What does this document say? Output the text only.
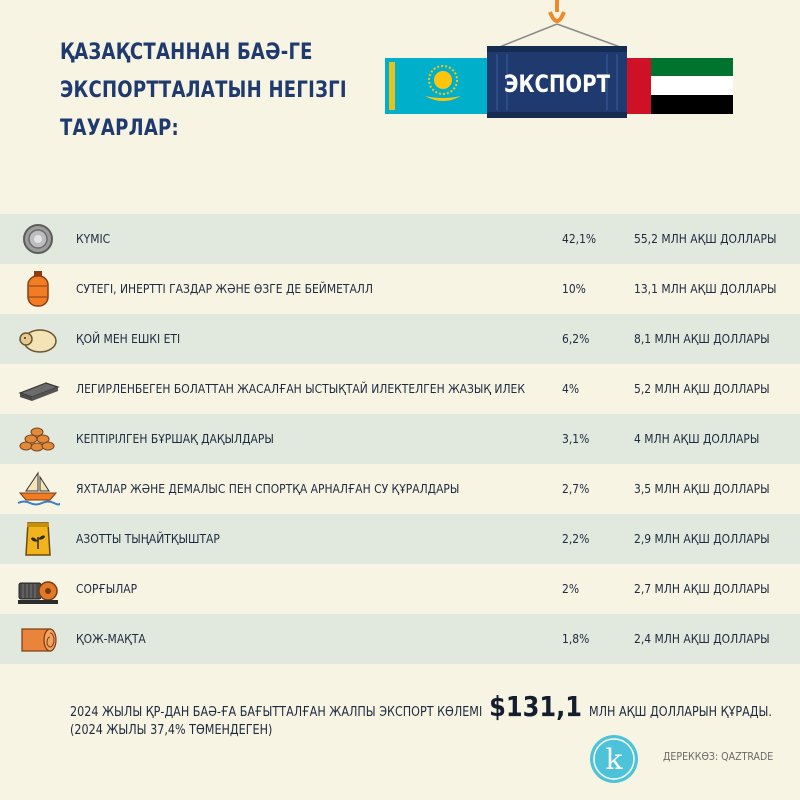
ҚАЗАҚСТАННАН БАӘ-ГЕ
ЭКСПОРТТАЛАТЫН НЕГІЗГІ
ТАУАРЛАР:
ЭКСПОРТ
КҮМІС	42,1%	55,2 МЛН АҚШ ДОЛЛАРЫ
СУТЕГІ, ИНЕРТТІ ГАЗДАР ЖӘНЕ ӨЗГЕ ДЕ БЕЙМЕТАЛЛ	10%	13,1 МЛН АҚШ ДОЛЛАРЫ
ҚОЙ МЕН ЕШКІ ЕТІ	6,2%	8,1 МЛН АҚШ ДОЛЛАРЫ
ЛЕГИРЛЕНБЕГЕН БОЛАТТАН ЖАСАЛҒАН ЫСТЫҚТАЙ ИЛЕКТЕЛГЕН ЖАЗЫҚ ИЛЕК	4%	5,2 МЛН АҚШ ДОЛЛАРЫ
КЕПТІРІЛГЕН БҰРШАҚ ДАҚЫЛДАРЫ	3,1%	4 МЛН АҚШ ДОЛЛАРЫ
ЯХТАЛАР ЖӘНЕ ДЕМАЛЫС ПЕН СПОРТҚА АРНАЛҒАН СУ ҚҰРАЛДАРЫ	2,7%	3,5 МЛН АҚШ ДОЛЛАРЫ
АЗОТТЫ ТЫҢАЙТҚЫШТАР	2,2%	2,9 МЛН АҚШ ДОЛЛАРЫ
СОРҒЫЛАР	2%	2,7 МЛН АҚШ ДОЛЛАРЫ
ҚОЖ-МАҚТА	1,8%	2,4 МЛН АҚШ ДОЛЛАРЫ
2024 ЖЫЛЫ ҚР-ДАН БАӘ-ҒА БАҒЫТТАЛҒАН ЖАЛПЫ ЭКСПОРТ КӨЛЕМІ $131,1 МЛН АҚШ ДОЛЛАРЫН ҚҰРАДЫ.
(2024 ЖЫЛЫ 37,4% ТӨМЕНДЕГЕН)
k	ДЕРЕККӨЗ: QAZTRADE
